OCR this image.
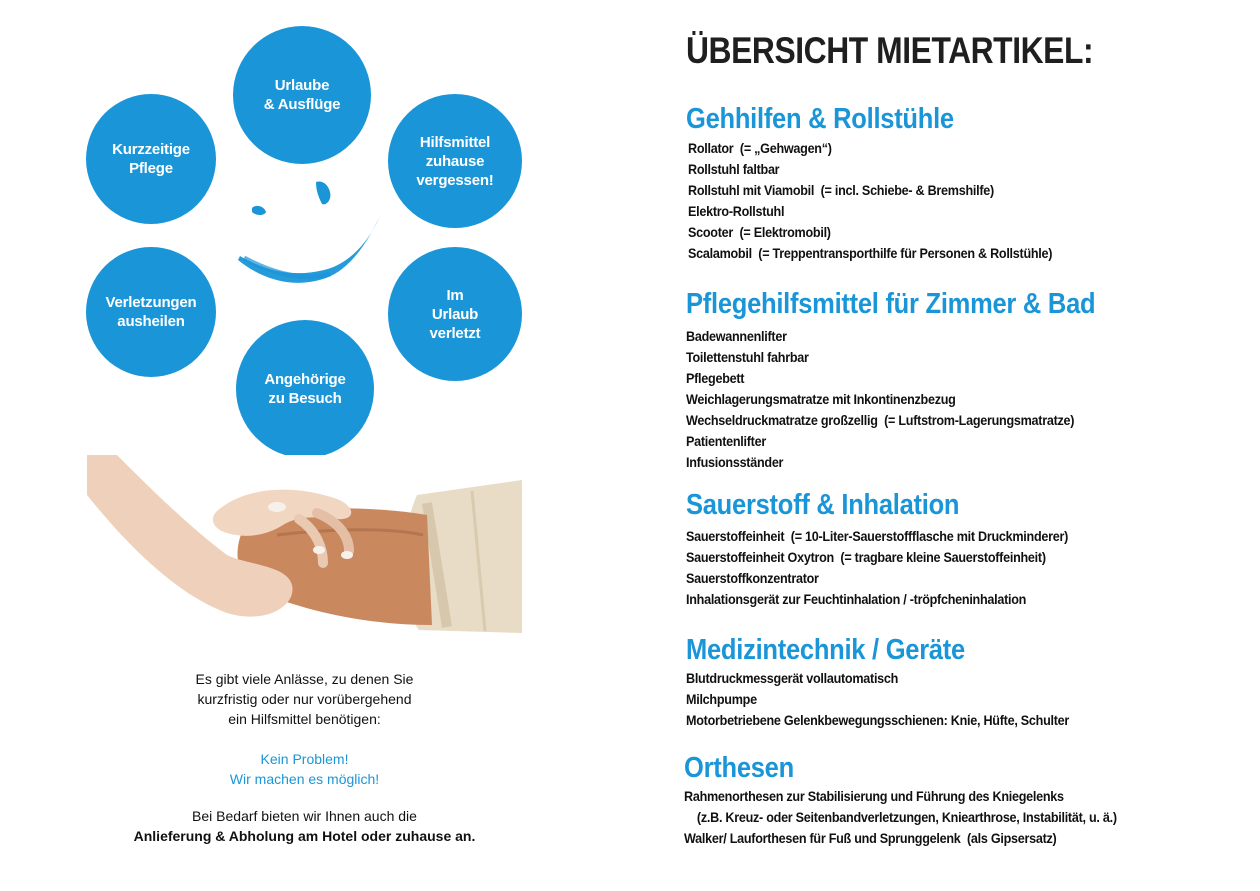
Urlaube
& Ausflüge
Kurzzeitige
Pflege
Hilfsmittel
zuhause
vergessen!
Verletzungen
ausheilen
Im
Urlaub
verletzt
Angehörige
zu Besuch
Es gibt viele Anlässe, zu denen Sie
kurzfristig oder nur vorübergehend
ein Hilfsmittel benötigen:
Kein Problem!
Wir machen es möglich!
Bei Bedarf bieten wir Ihnen auch die
Anlieferung & Abholung am Hotel oder zuhause an.
ÜBERSICHT MIETARTIKEL:
Gehhilfen & Rollstühle
Rollator  (= „Gehwagen“)
Rollstuhl faltbar
Rollstuhl mit Viamobil  (= incl. Schiebe- & Bremshilfe)
Elektro-Rollstuhl
Scooter  (= Elektromobil)
Scalamobil  (= Treppentransporthilfe für Personen & Rollstühle)
Pflegehilfsmittel für Zimmer & Bad
Badewannenlifter
Toilettenstuhl fahrbar
Pflegebett
Weichlagerungsmatratze mit Inkontinenzbezug
Wechseldruckmatratze großzellig  (= Luftstrom-Lagerungsmatratze)
Patientenlifter
Infusionsständer
Sauerstoff & Inhalation
Sauerstoffeinheit  (= 10-Liter-Sauerstoffflasche mit Druckminderer)
Sauerstoffeinheit Oxytron  (= tragbare kleine Sauerstoffeinheit)
Sauerstoffkonzentrator
Inhalationsgerät zur Feuchtinhalation / -tröpfcheninhalation
Medizintechnik / Geräte
Blutdruckmessgerät vollautomatisch
Milchpumpe
Motorbetriebene Gelenkbewegungsschienen: Knie, Hüfte, Schulter
Orthesen
Rahmenorthesen zur Stabilisierung und Führung des Kniegelenks
(z.B. Kreuz- oder Seitenbandverletzungen, Kniearthrose, Instabilität, u. ä.)
Walker/ Lauforthesen für Fuß und Sprunggelenk  (als Gipsersatz)
